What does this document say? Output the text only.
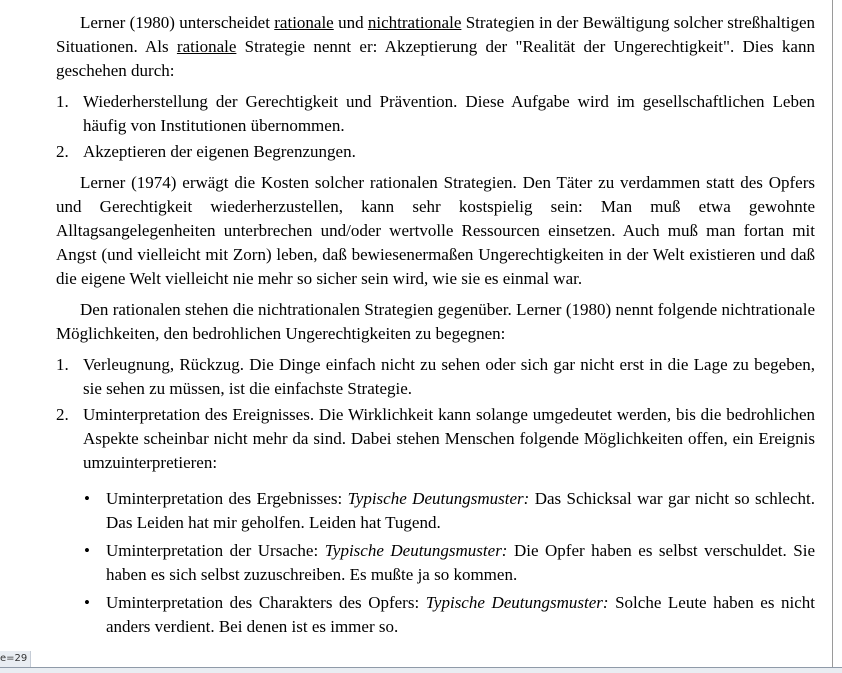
Lerner (1980) unterscheidet rationale und nichtrationale Strategien in der Bewältigung solcher streßhaltigen Situationen. Als rationale Strategie nennt er: Akzeptierung der "Realität der Ungerechtigkeit". Dies kann geschehen durch:

1. Wiederherstellung der Gerechtigkeit und Prävention. Diese Aufgabe wird im gesellschaftlichen Leben häufig von Institutionen übernommen.
2. Akzeptieren der eigenen Begrenzungen.

Lerner (1974) erwägt die Kosten solcher rationalen Strategien. Den Täter zu verdammen statt des Opfers und Gerechtigkeit wiederherzustellen, kann sehr kostspielig sein: Man muß etwa gewohnte Alltagsangelegenheiten unterbrechen und/oder wertvolle Ressourcen einsetzen. Auch muß man fortan mit Angst (und vielleicht mit Zorn) leben, daß bewiesenermaßen Ungerechtigkeiten in der Welt existieren und daß die eigene Welt vielleicht nie mehr so sicher sein wird, wie sie es einmal war.

Den rationalen stehen die nichtrationalen Strategien gegenüber. Lerner (1980) nennt folgende nichtrationale Möglichkeiten, den bedrohlichen Ungerechtigkeiten zu begegnen:

1. Verleugnung, Rückzug. Die Dinge einfach nicht zu sehen oder sich gar nicht erst in die Lage zu begeben, sie sehen zu müssen, ist die einfachste Strategie.
2. Uminterpretation des Ereignisses. Die Wirklichkeit kann solange umgedeutet werden, bis die bedrohlichen Aspekte scheinbar nicht mehr da sind. Dabei stehen Menschen folgende Möglichkeiten offen, ein Ereignis umzuinterpretieren:
• Uminterpretation des Ergebnisses: Typische Deutungsmuster: Das Schicksal war gar nicht so schlecht. Das Leiden hat mir geholfen. Leiden hat Tugend.
• Uminterpretation der Ursache: Typische Deutungsmuster: Die Opfer haben es selbst verschuldet. Sie haben es sich selbst zuzuschreiben. Es mußte ja so kommen.
• Uminterpretation des Charakters des Opfers: Typische Deutungsmuster: Solche Leute haben es nicht anders verdient. Bei denen ist es immer so.
e=29
